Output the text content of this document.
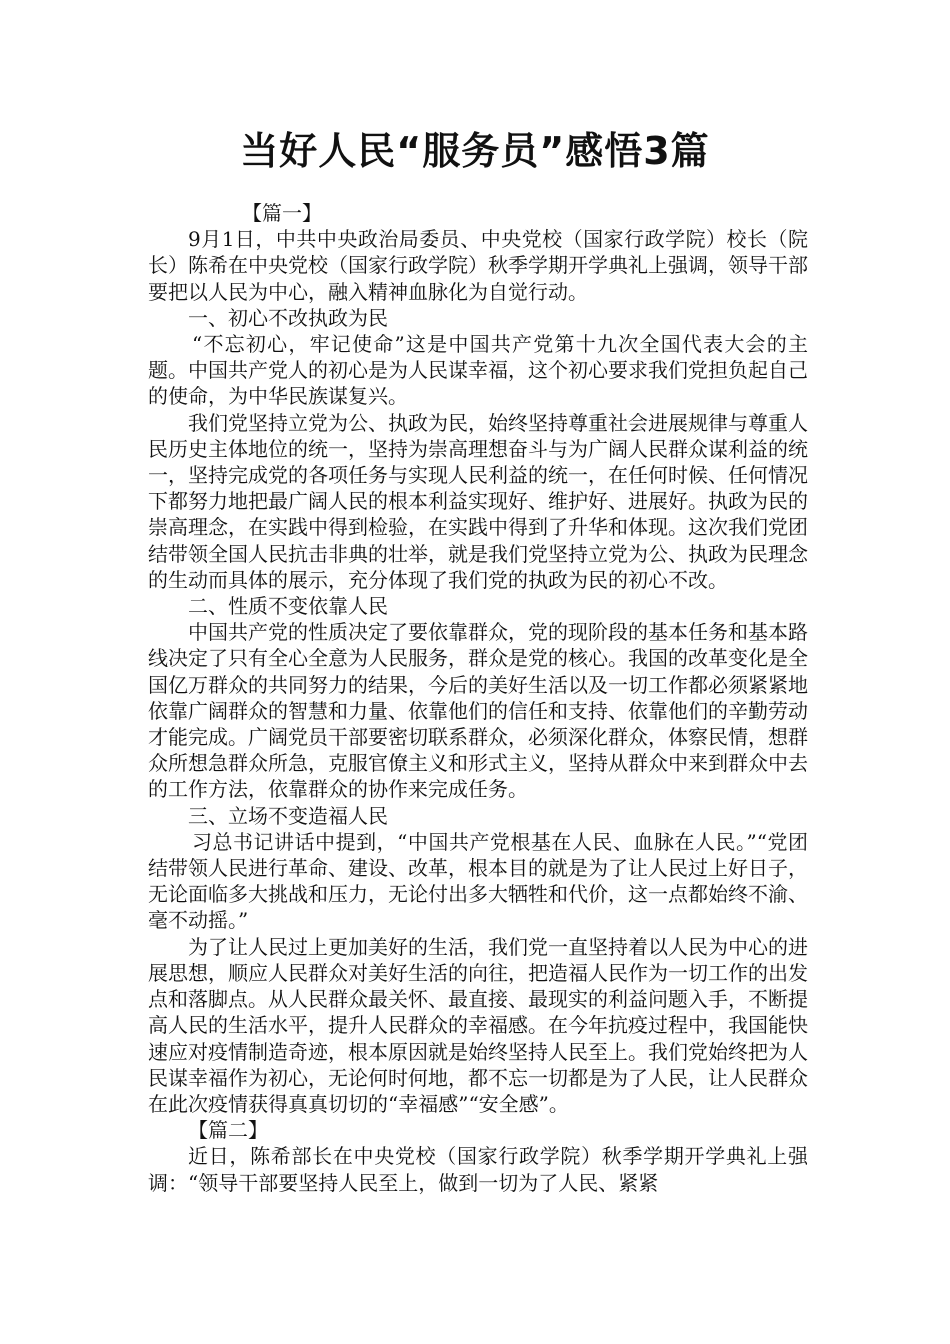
当好人民“服务员”感悟3篇

【篇一】

9月1日，中共中央政治局委员、中央党校（国家行政学院）校长（院长）陈希在中央党校（国家行政学院）秋季学期开学典礼上强调，领导干部要把以人民为中心，融入精神血脉化为自觉行动。

一、初心不改执政为民

“不忘初心，牢记使命”这是中国共产党第十九次全国代表大会的主题。中国共产党人的初心是为人民谋幸福，这个初心要求我们党担负起自己的使命，为中华民族谋复兴。

我们党坚持立党为公、执政为民，始终坚持尊重社会进展规律与尊重人民历史主体地位的统一，坚持为崇高理想奋斗与为广阔人民群众谋利益的统一，坚持完成党的各项任务与实现人民利益的统一，在任何时候、任何情况下都努力地把最广阔人民的根本利益实现好、维护好、进展好。执政为民的崇高理念，在实践中得到检验，在实践中得到了升华和体现。这次我们党团结带领全国人民抗击非典的壮举，就是我们党坚持立党为公、执政为民理念的生动而具体的展示，充分体现了我们党的执政为民的初心不改。

二、性质不变依靠人民

中国共产党的性质决定了要依靠群众，党的现阶段的基本任务和基本路线决定了只有全心全意为人民服务，群众是党的核心。我国的改革变化是全国亿万群众的共同努力的结果，今后的美好生活以及一切工作都必须紧紧地依靠广阔群众的智慧和力量、依靠他们的信任和支持、依靠他们的辛勤劳动才能完成。广阔党员干部要密切联系群众，必须深化群众，体察民情，想群众所想急群众所急，克服官僚主义和形式主义，坚持从群众中来到群众中去的工作方法，依靠群众的协作来完成任务。

三、立场不变造福人民

习总书记讲话中提到，“中国共产党根基在人民、血脉在人民。”“党团结带领人民进行革命、建设、改革，根本目的就是为了让人民过上好日子，无论面临多大挑战和压力，无论付出多大牺牲和代价，这一点都始终不渝、毫不动摇。”

为了让人民过上更加美好的生活，我们党一直坚持着以人民为中心的进展思想，顺应人民群众对美好生活的向往，把造福人民作为一切工作的出发点和落脚点。从人民群众最关怀、最直接、最现实的利益问题入手，不断提高人民的生活水平，提升人民群众的幸福感。在今年抗疫过程中，我国能快速应对疫情制造奇迹，根本原因就是始终坚持人民至上。我们党始终把为人民谋幸福作为初心，无论何时何地，都不忘一切都是为了人民，让人民群众在此次疫情获得真真切切的“幸福感”“安全感”。

【篇二】

近日，陈希部长在中央党校（国家行政学院）秋季学期开学典礼上强调：“领导干部要坚持人民至上，做到一切为了人民、紧紧
